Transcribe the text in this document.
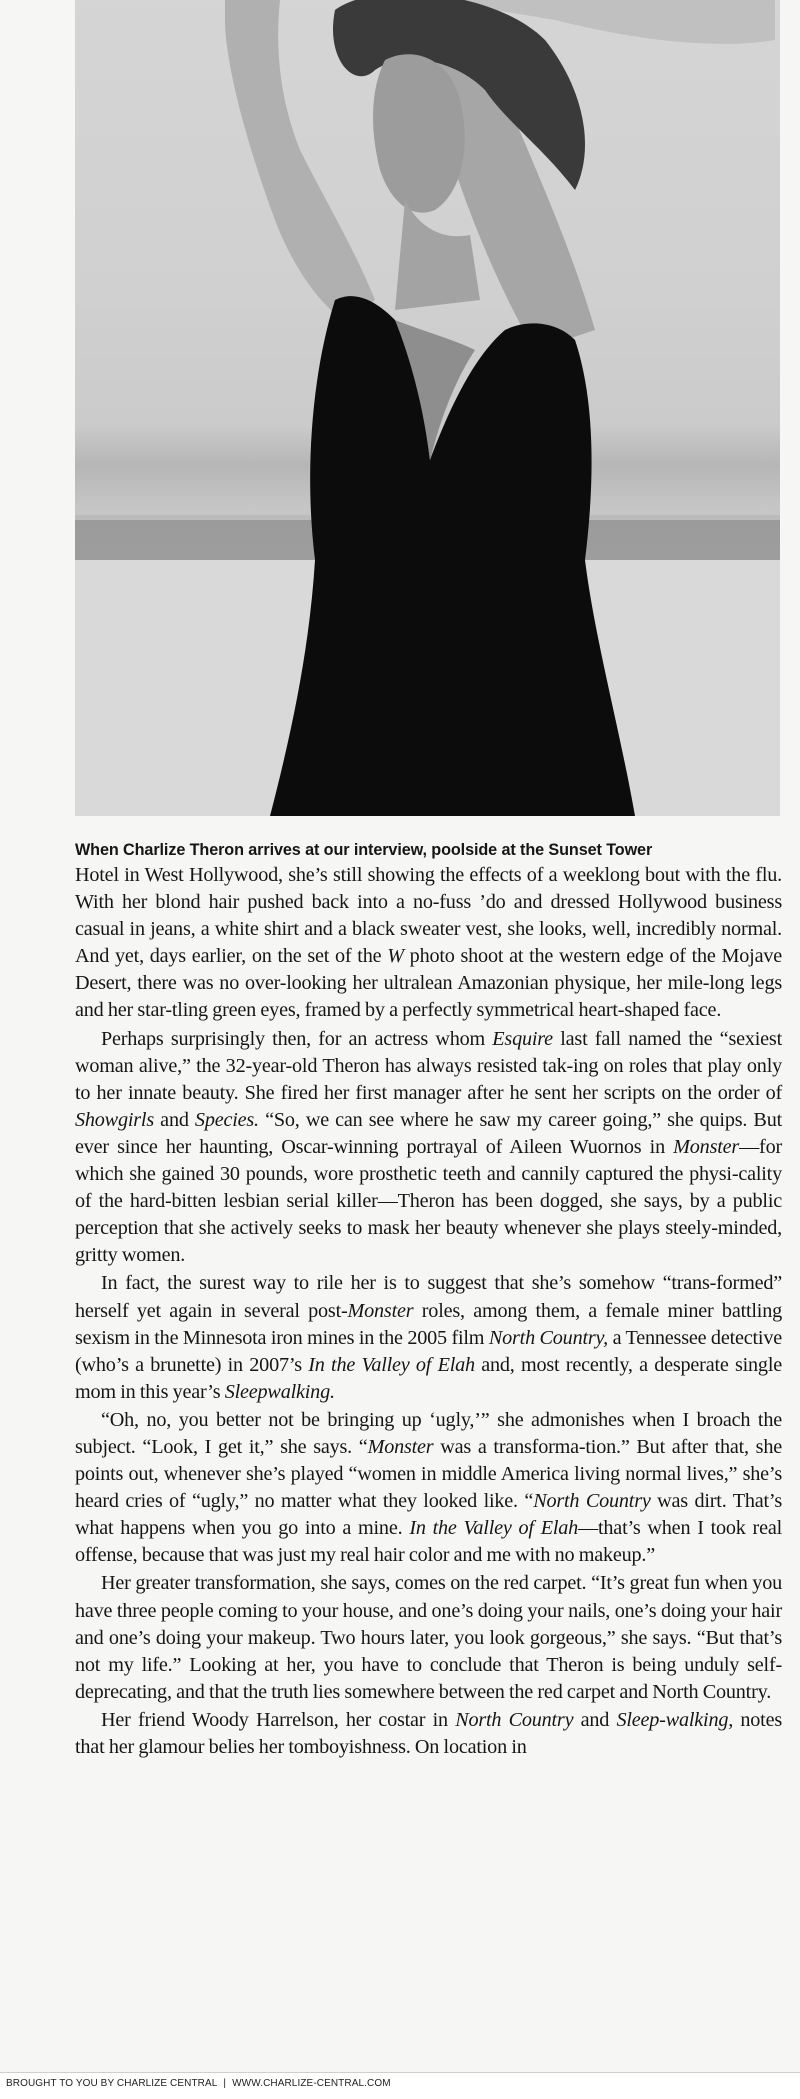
When Charlize Theron arrives at our interview, poolside at the Sunset Tower

Hotel in West Hollywood, she’s still showing the effects of a weeklong bout with the flu. With her blond hair pushed back into a no-fuss ’do and dressed Hollywood business casual in jeans, a white shirt and a black sweater vest, she looks, well, incredibly normal. And yet, days earlier, on the set of the W photo shoot at the western edge of the Mojave Desert, there was no over-looking her ultralean Amazonian physique, her mile-long legs and her star-tling green eyes, framed by a perfectly symmetrical heart-shaped face.

Perhaps surprisingly then, for an actress whom Esquire last fall named the “sexiest woman alive,” the 32-year-old Theron has always resisted tak-ing on roles that play only to her innate beauty. She fired her first manager after he sent her scripts on the order of Showgirls and Species. “So, we can see where he saw my career going,” she quips. But ever since her haunting, Oscar-winning portrayal of Aileen Wuornos in Monster—for which she gained 30 pounds, wore prosthetic teeth and cannily captured the physi-cality of the hard-bitten lesbian serial killer—Theron has been dogged, she says, by a public perception that she actively seeks to mask her beauty whenever she plays steely-minded, gritty women.

In fact, the surest way to rile her is to suggest that she’s somehow “trans-formed” herself yet again in several post-Monster roles, among them, a female miner battling sexism in the Minnesota iron mines in the 2005 film North Country, a Tennessee detective (who’s a brunette) in 2007’s In the Valley of Elah and, most recently, a desperate single mom in this year’s Sleepwalking.

“Oh, no, you better not be bringing up ‘ugly,’” she admonishes when I broach the subject. “Look, I get it,” she says. “Monster was a transforma-tion.” But after that, she points out, whenever she’s played “women in middle America living normal lives,” she’s heard cries of “ugly,” no matter what they looked like. “North Country was dirt. That’s what happens when you go into a mine. In the Valley of Elah—that’s when I took real offense, because that was just my real hair color and me with no makeup.”

Her greater transformation, she says, comes on the red carpet. “It’s great fun when you have three people coming to your house, and one’s doing your nails, one’s doing your hair and one’s doing your makeup. Two hours later, you look gorgeous,” she says. “But that’s not my life.” Looking at her, you have to conclude that Theron is being unduly self-deprecating, and that the truth lies somewhere between the red carpet and North Country.

Her friend Woody Harrelson, her costar in North Country and Sleep-walking, notes that her glamour belies her tomboyishness. On location in

BROUGHT TO YOU BY CHARLIZE CENTRAL | WWW.CHARLIZE-CENTRAL.COM
